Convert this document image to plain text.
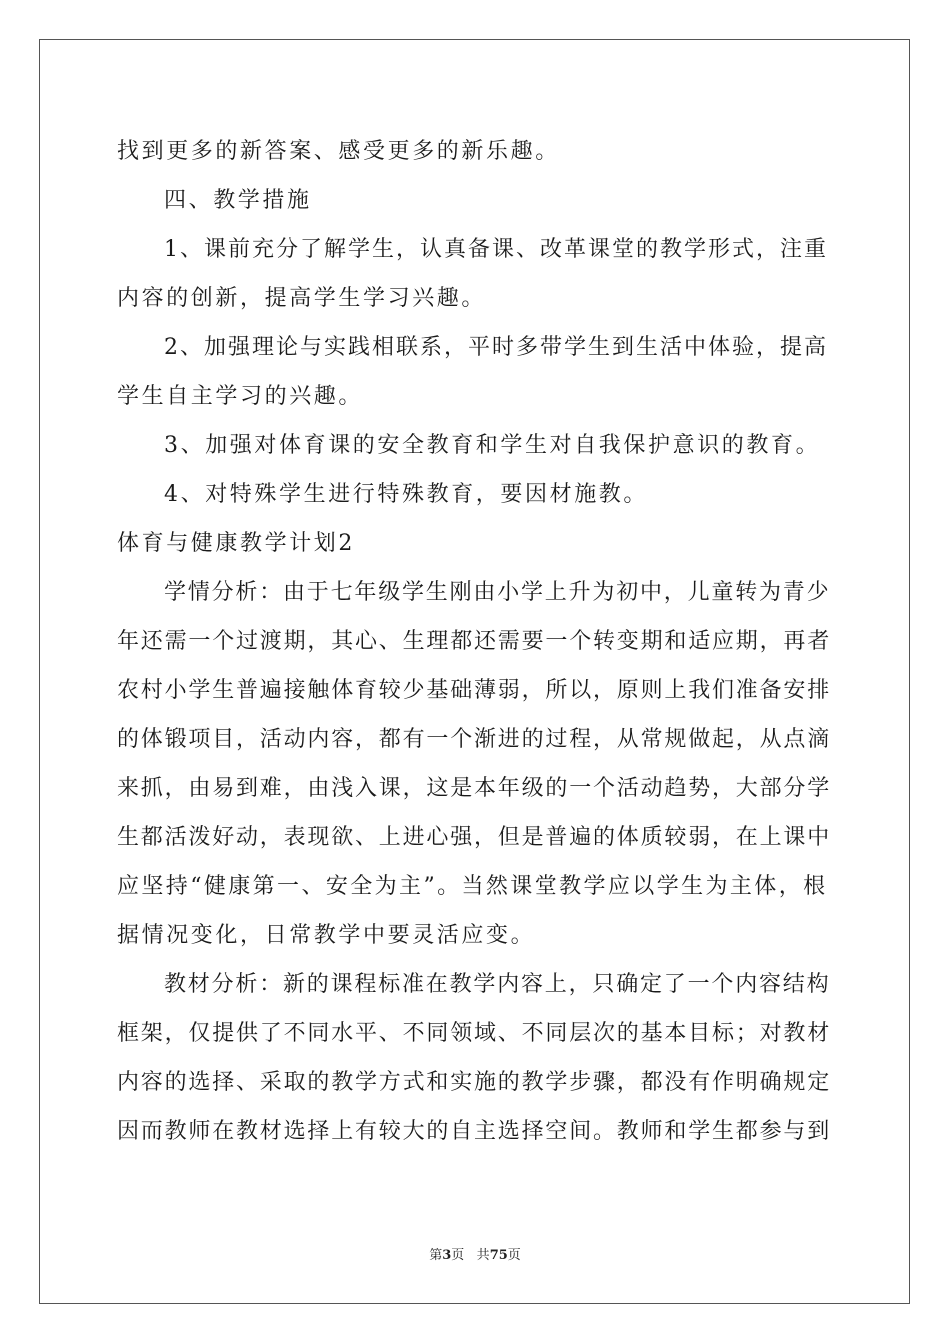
找到更多的新答案、感受更多的新乐趣。
四、教学措施
1、课前充分了解学生，认真备课、改革课堂的教学形式，注重
内容的创新，提高学生学习兴趣。
2、加强理论与实践相联系，平时多带学生到生活中体验，提高
学生自主学习的兴趣。
3、加强对体育课的安全教育和学生对自我保护意识的教育。
4、对特殊学生进行特殊教育，要因材施教。
体育与健康教学计划2
学情分析：由于七年级学生刚由小学上升为初中，儿童转为青少
年还需一个过渡期，其心、生理都还需要一个转变期和适应期，再者
农村小学生普遍接触体育较少基础薄弱，所以，原则上我们准备安排
的体锻项目，活动内容，都有一个渐进的过程，从常规做起，从点滴
来抓，由易到难，由浅入课，这是本年级的一个活动趋势，大部分学
生都活泼好动，表现欲、上进心强，但是普遍的体质较弱，在上课中
应坚持“健康第一、安全为主”。当然课堂教学应以学生为主体，根
据情况变化，日常教学中要灵活应变。
教材分析：新的课程标准在教学内容上，只确定了一个内容结构
框架，仅提供了不同水平、不同领域、不同层次的基本目标；对教材
内容的选择、采取的教学方式和实施的教学步骤，都没有作明确规定
因而教师在教材选择上有较大的自主选择空间。教师和学生都参与到
第3页 共75页
